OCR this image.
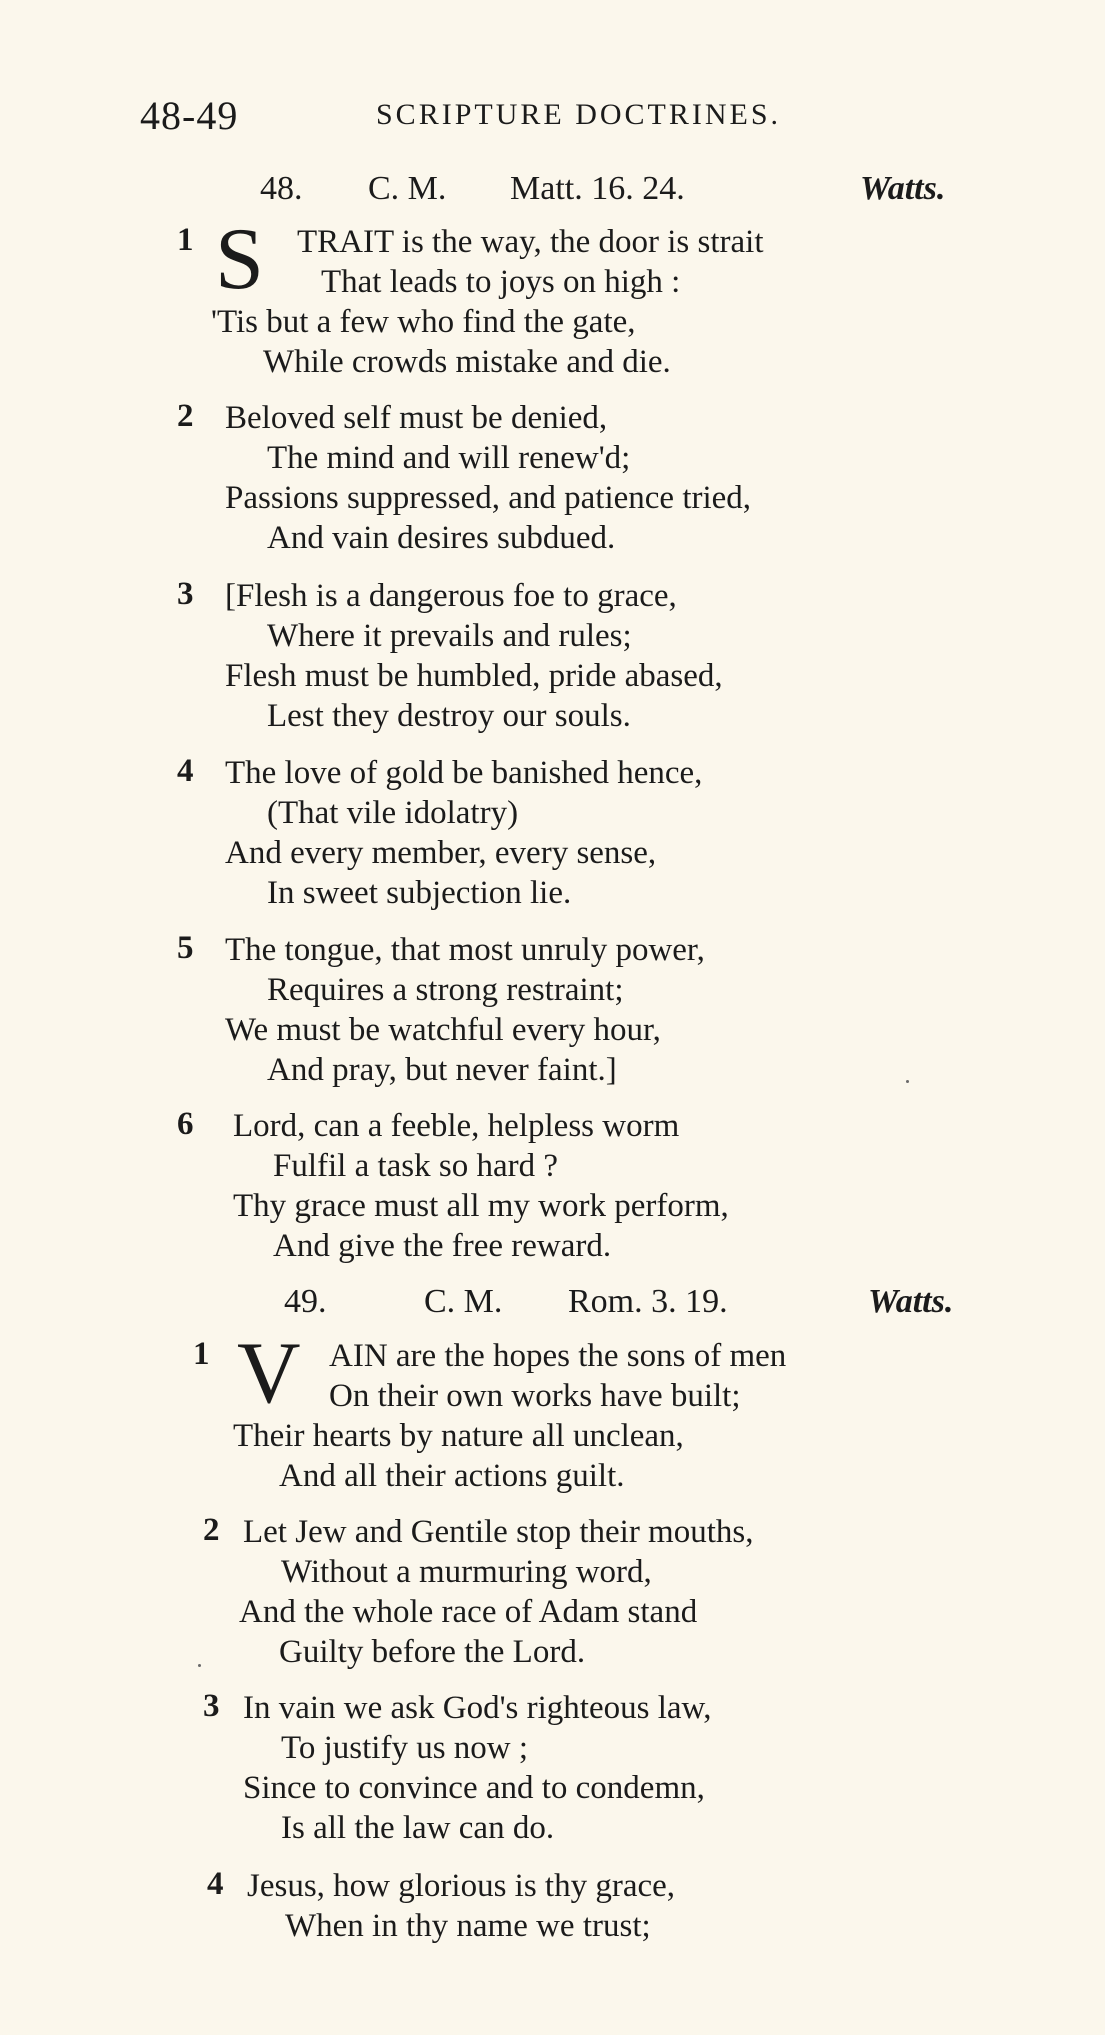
48-49	SCRIPTURE DOCTRINES.
48. C. M. Matt. 16. 24.	Watts.
1 S TRAIT is the way, the door is strait
That leads to joys on high :
'Tis but a few who find the gate,
While crowds mistake and die.
2 Beloved self must be denied,
The mind and will renew'd;
Passions suppressed, and patience tried,
And vain desires subdued.
3 [Flesh is a dangerous foe to grace,
Where it prevails and rules;
Flesh must be humbled, pride abased,
Lest they destroy our souls.
4 The love of gold be banished hence,
(That vile idolatry)
And every member, every sense,
In sweet subjection lie.
5 The tongue, that most unruly power,
Requires a strong restraint;
We must be watchful every hour,
And pray, but never faint.]
6 Lord, can a feeble, helpless worm
Fulfil a task so hard ?
Thy grace must all my work perform,
And give the free reward.
49.	C. M. Rom. 3. 19.	Watts.
1 V AIN are the hopes the sons of men
On their own works have built;
Their hearts by nature all unclean,
And all their actions guilt.
2 Let Jew and Gentile stop their mouths,
Without a murmuring word,
And the whole race of Adam stand
Guilty before the Lord.
3 In vain we ask God's righteous law,
To justify us now ;
Since to convince and to condemn,
Is all the law can do.
4 Jesus, how glorious is thy grace,
When in thy name we trust;
